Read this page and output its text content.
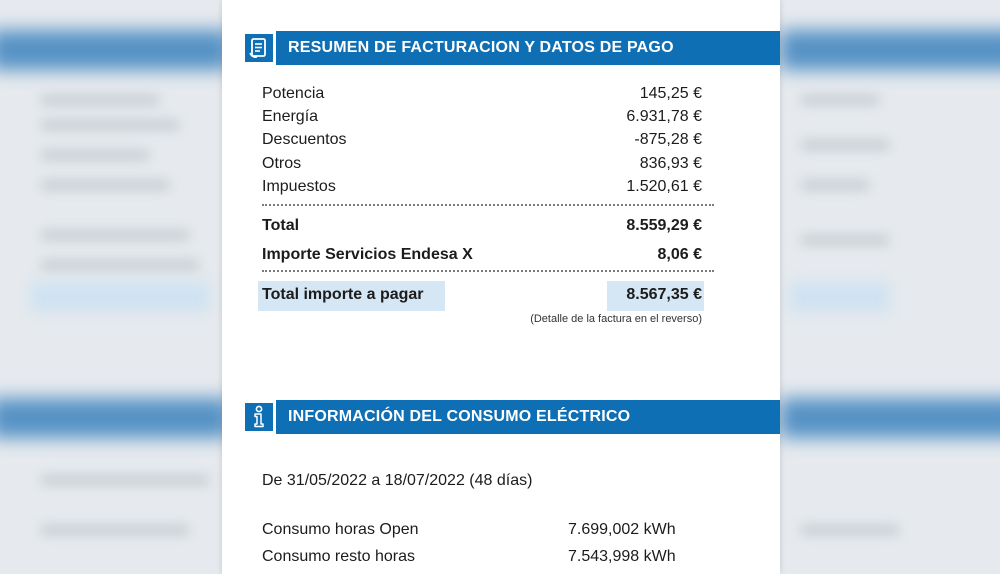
RESUMEN DE FACTURACION Y DATOS DE PAGO
Potencia	145,25 €
Energía	6.931,78 €
Descuentos	-875,28 €
Otros	836,93 €
Impuestos	1.520,61 €
Total	8.559,29 €
Importe Servicios Endesa X	8,06 €
Total importe a pagar	8.567,35 €
(Detalle de la factura en el reverso)
INFORMACIÓN DEL CONSUMO ELÉCTRICO
De 31/05/2022 a 18/07/2022 (48 días)
Consumo horas Open	7.699,002 kWh
Consumo resto horas	7.543,998 kWh
